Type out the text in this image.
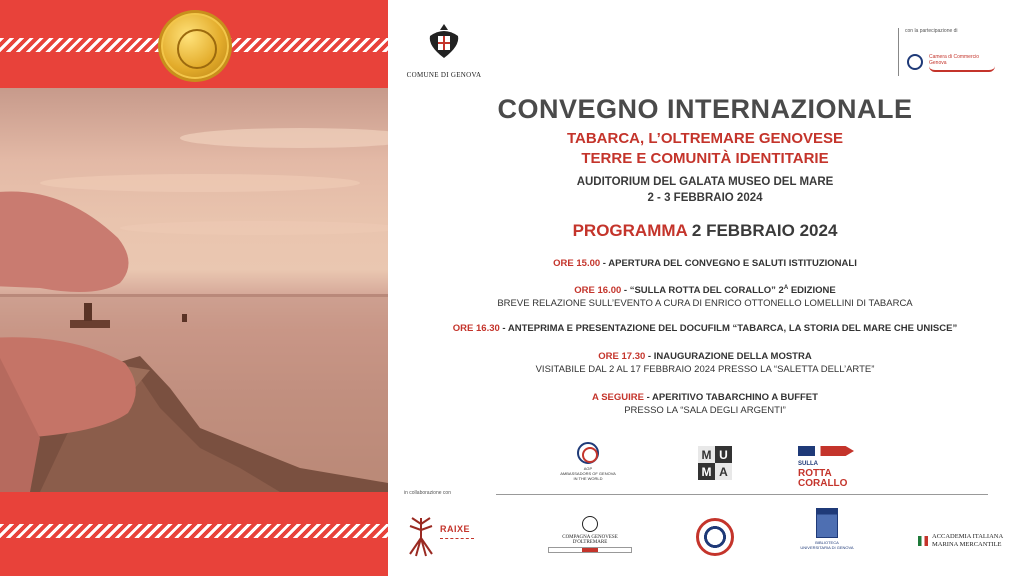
COMUNE DI GENOVA
con la partecipazione di
Camera di Commercio
Genova
CONVEGNO INTERNAZIONALE
TABARCA, L’OLTREMARE GENOVESE
TERRE E COMUNITÀ IDENTITARIE
AUDITORIUM DEL GALATA MUSEO DEL MARE
2 - 3 FEBBRAIO 2024
PROGRAMMA 2 FEBBRAIO 2024
ORE 15.00 - APERTURA DEL CONVEGNO E SALUTI ISTITUZIONALI
ORE 16.00 - “SULLA ROTTA DEL CORALLO” $2^A$ EDIZIONE
BREVE RELAZIONE SULL’EVENTO A CURA DI ENRICO OTTONELLO LOMELLINI DI TABARCA
ORE 16.30 - ANTEPRIMA E PRESENTAZIONE DEL DOCUFILM “TABARCA, LA STORIA DEL MARE CHE UNISCE”
ORE 17.30 - INAUGURAZIONE DELLA MOSTRA
VISITABILE DAL 2 AL 17 FEBBRAIO 2024 PRESSO LA “SALETTA DELL’ARTE”
A SEGUIRE - APERITIVO TABARCHINO A BUFFET
PRESSO LA “SALA DEGLI ARGENTI”
AGP
AMBASSADORS OF GENOVA IN THE WORLD
M U
M A
SULLA ROTTA
CORALLO
in collaborazione con
RAIXE
COMPAGNA GENOVESE D'OLTREMARE	BIBLIOTECA
UNIVERSITARIA DI GENOVA
ACCADEMIA ITALIANA
MARINA MERCANTILE
